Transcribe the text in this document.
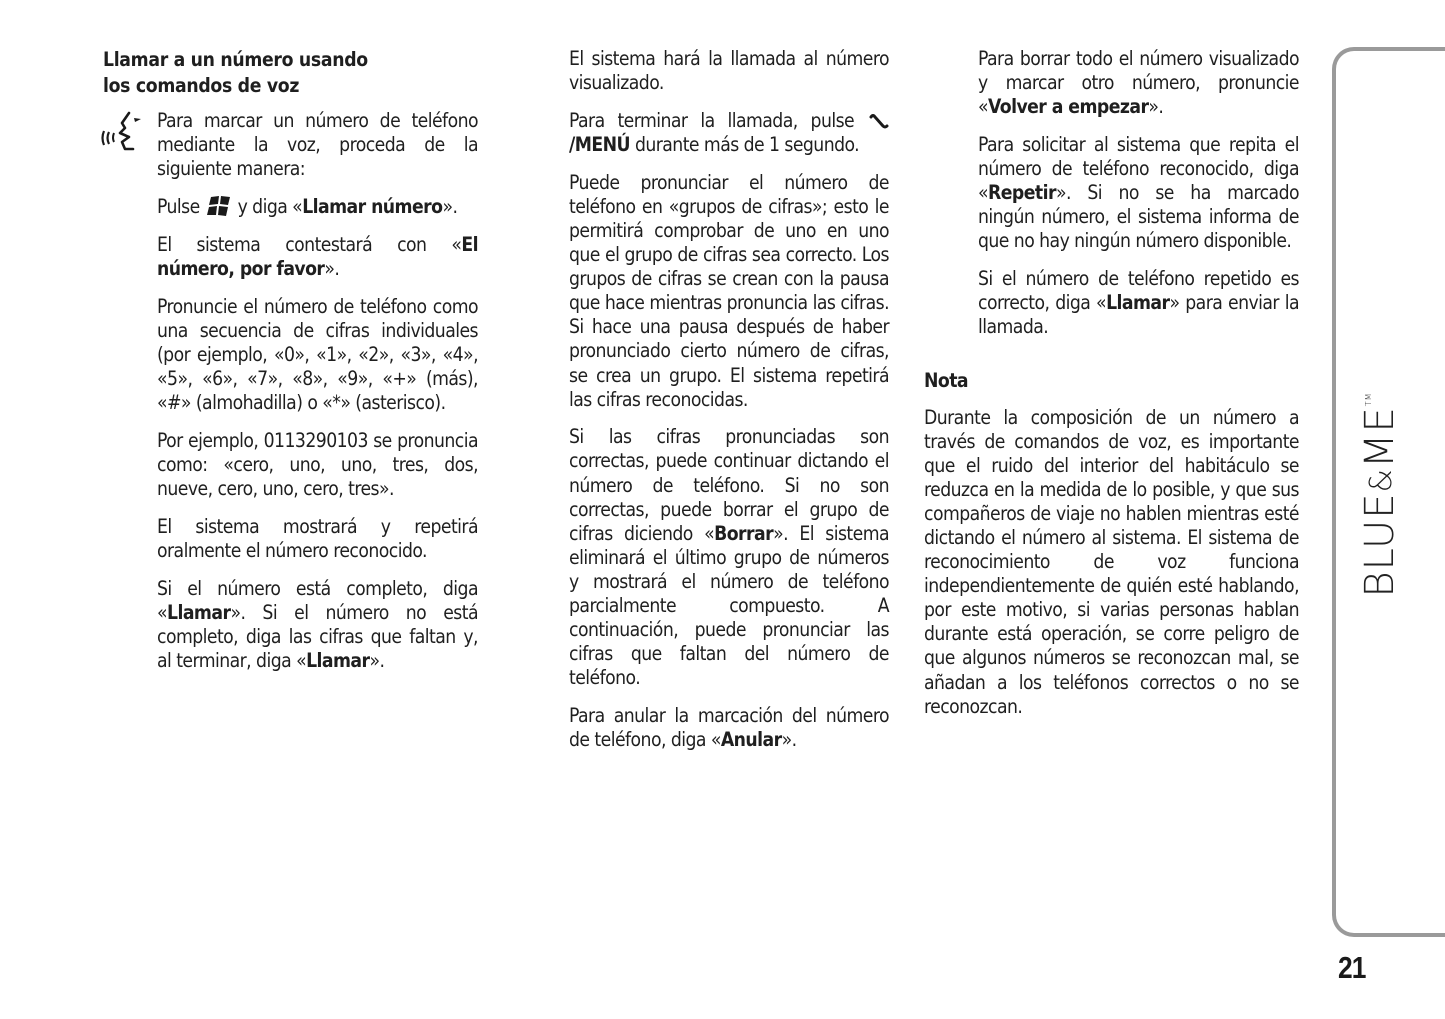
Llamar a un número usando
los comandos de voz

Para marcar un número de teléfono mediante la voz, proceda de la siguiente manera:

Pulse y diga «Llamar número».

El sistema contestará con «El número, por favor».

Pronuncie el número de teléfono como una secuencia de cifras individuales (por ejemplo, «0», «1», «2», «3», «4», «5», «6», «7», «8», «9», «+» (más), «#» (almohadilla) o «*» (asterisco).

Por ejemplo, 0113290103 se pronuncia como: «cero, uno, uno, tres, dos, nueve, cero, uno, cero, tres».

El sistema mostrará y repetirá oralmente el número reconocido.

Si el número está completo, diga «Llamar». Si el número no está completo, diga las cifras que faltan y, al terminar, diga «Llamar».

El sistema hará la llamada al número visualizado.

Para terminar la llamada, pulse /MENÚ durante más de 1 segundo.

Puede pronunciar el número de teléfono en «grupos de cifras»; esto le permitirá comprobar de uno en uno que el grupo de cifras sea correcto. Los grupos de cifras se crean con la pausa que hace mientras pronuncia las cifras. Si hace una pausa después de haber pronunciado cierto número de cifras, se crea un grupo. El sistema repetirá las cifras reconocidas.

Si las cifras pronunciadas son correctas, puede continuar dictando el número de teléfono. Si no son correctas, puede borrar el grupo de cifras diciendo «Borrar». El sistema eliminará el último grupo de números y mostrará el número de teléfono parcialmente compuesto. A continuación, puede pronunciar las cifras que faltan del número de teléfono.

Para anular la marcación del número de teléfono, diga «Anular».

Para borrar todo el número visualizado y marcar otro número, pronuncie «Volver a empezar».

Para solicitar al sistema que repita el número de teléfono reconocido, diga «Repetir». Si no se ha marcado ningún número, el sistema informa de que no hay ningún número disponible.

Si el número de teléfono repetido es correcto, diga «Llamar» para enviar la llamada.

Nota

Durante la composición de un número a través de comandos de voz, es importante que el ruido del interior del habitáculo se reduzca en la medida de lo posible, y que sus compañeros de viaje no hablen mientras esté dictando el número al sistema. El sistema de reconocimiento de voz funciona independientemente de quién esté hablando, por este motivo, si varias personas hablan durante está operación, se corre peligro de que algunos números se reconozcan mal, se añadan a los teléfonos correctos o no se reconozcan.

BLUE&ME™
21
